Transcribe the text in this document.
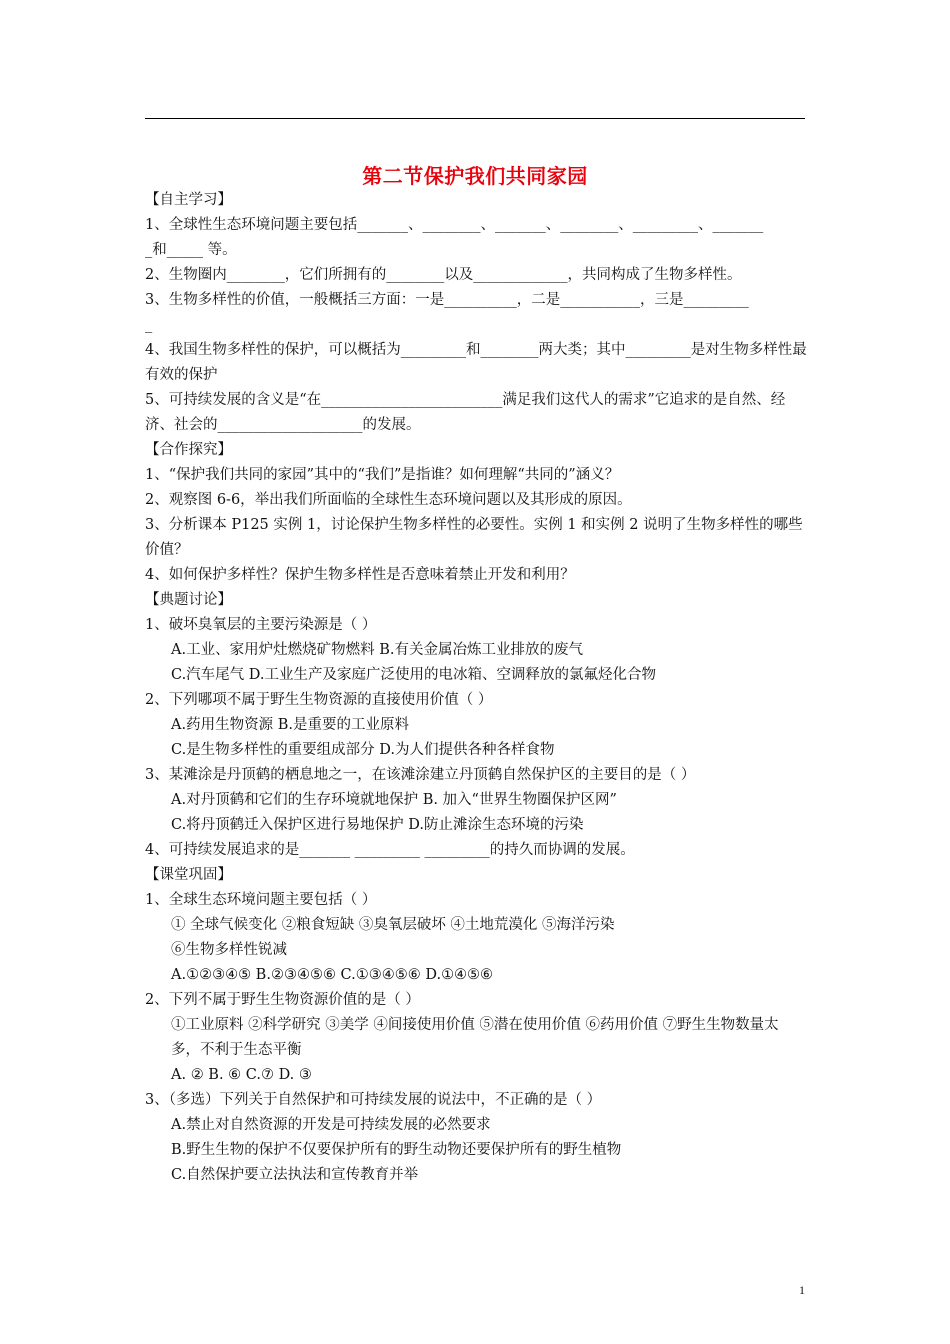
第二节保护我们共同家园
【自主学习】
1、全球性生态环境问题主要包括_______、________、_______、________、_________、_______
_和_____ 等。
2、生物圈内________，它们所拥有的________以及_____________，共同构成了生物多样性。
3、生物多样性的价值，一般概括三方面：一是__________，二是___________，三是_________
_
4、我国生物多样性的保护，可以概括为_________和________两大类；其中_________是对生物多样性最有效的保护
5、可持续发展的含义是“在_________________________满足我们这代人的需求”它追求的是自然、经济、社会的____________________的发展。
【合作探究】
1、“保护我们共同的家园”其中的“我们”是指谁？如何理解“共同的”涵义？
2、观察图 6-6，举出我们所面临的全球性生态环境问题以及其形成的原因。
3、分析课本 P125 实例 1，讨论保护生物多样性的必要性。实例 1 和实例 2 说明了生物多样性的哪些价值？
4、如何保护多样性？保护生物多样性是否意味着禁止开发和利用？
【典题讨论】
1、破坏臭氧层的主要污染源是（ ）
A.工业、家用炉灶燃烧矿物燃料 B.有关金属冶炼工业排放的废气
C.汽车尾气 D.工业生产及家庭广泛使用的电冰箱、空调释放的氯氟烃化合物
2、下列哪项不属于野生生物资源的直接使用价值（ ）
A.药用生物资源 B.是重要的工业原料
C.是生物多样性的重要组成部分 D.为人们提供各种各样食物
3、某滩涂是丹顶鹤的栖息地之一，在该滩涂建立丹顶鹤自然保护区的主要目的是（ ）
A.对丹顶鹤和它们的生存环境就地保护 B. 加入“世界生物圈保护区网”
C.将丹顶鹤迁入保护区进行易地保护 D.防止滩涂生态环境的污染
4、可持续发展追求的是_______ _________ _________的持久而协调的发展。
【课堂巩固】
1、全球生态环境问题主要包括（ ）
① 全球气候变化 ②粮食短缺 ③臭氧层破坏 ④土地荒漠化 ⑤海洋污染
⑥生物多样性锐减
A.①②③④⑤ B.②③④⑤⑥ C.①③④⑤⑥ D.①④⑤⑥
2、下列不属于野生生物资源价值的是（ ）
①工业原料 ②科学研究 ③美学 ④间接使用价值 ⑤潜在使用价值 ⑥药用价值 ⑦野生生物数量太多，不利于生态平衡
A. ② B. ⑥ C.⑦ D. ③
3、（多选）下列关于自然保护和可持续发展的说法中，不正确的是（ ）
A.禁止对自然资源的开发是可持续发展的必然要求
B.野生生物的保护不仅要保护所有的野生动物还要保护所有的野生植物
C.自然保护要立法执法和宣传教育并举
1
